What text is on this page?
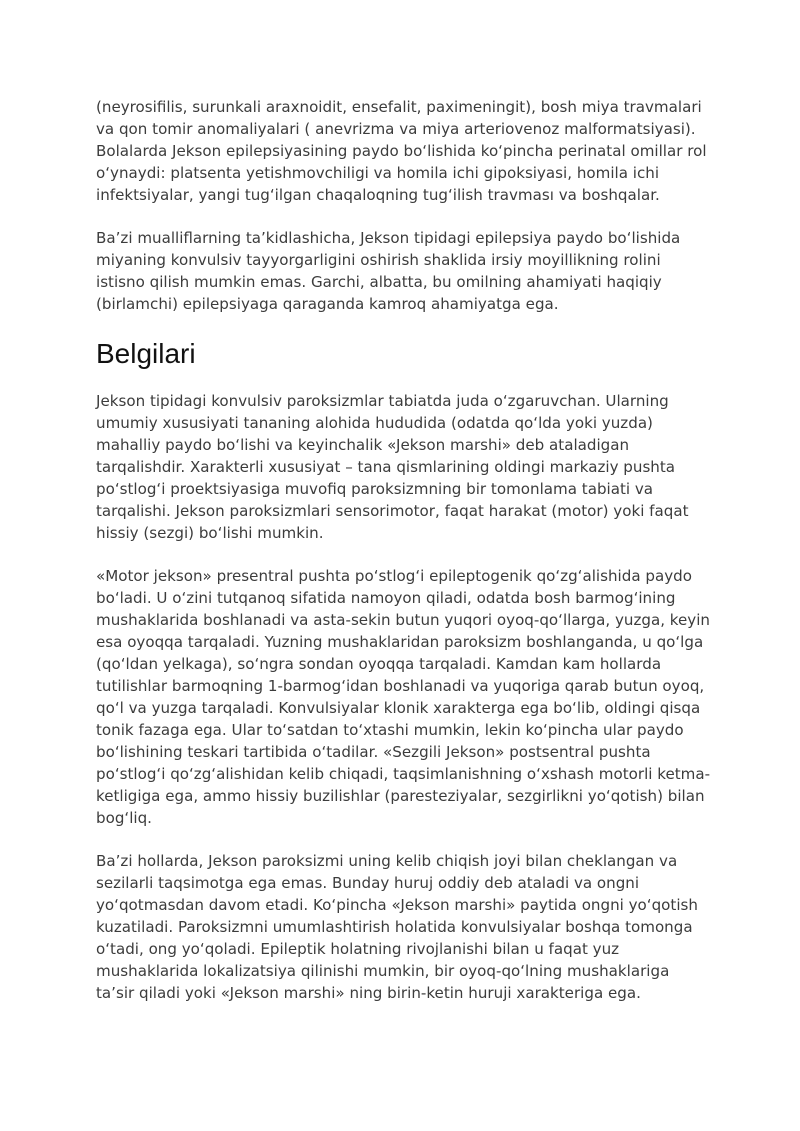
(neyrosifilis, surunkali araxnoidit, ensefalit, paximeningit), bosh miya travmalari va qon tomir anomaliyalari ( anevrizma va miya arteriovenoz malformatsiyasi). Bolalarda Jekson epilepsiyasining paydo bo‘lishida ko‘pincha perinatal omillar rol o‘ynaydi: platsenta yetishmovchiligi va homila ichi gipoksiyasi, homila ichi infektsiyalar, yangi tug‘ilgan chaqaloqning tug‘ilish travması va boshqalar.

Ba’zi mualliflarning ta’kidlashicha, Jekson tipidagi epilepsiya paydo bo‘lishida miyaning konvulsiv tayyorgarligini oshirish shaklida irsiy moyillikning rolini istisno qilish mumkin emas. Garchi, albatta, bu omilning ahamiyati haqiqiy (birlamchi) epilepsiyaga qaraganda kamroq ahamiyatga ega.

Belgilari

Jekson tipidagi konvulsiv paroksizmlar tabiatda juda o‘zgaruvchan. Ularning umumiy xususiyati tananing alohida hududida (odatda qo‘lda yoki yuzda) mahalliy paydo bo‘lishi va keyinchalik «Jekson marshi» deb ataladigan tarqalishdir. Xarakterli xususiyat – tana qismlarining oldingi markaziy pushta po‘stlog‘i proektsiyasiga muvofiq paroksizmning bir tomonlama tabiati va tarqalishi. Jekson paroksizmlari sensorimotor, faqat harakat (motor) yoki faqat hissiy (sezgi) bo‘lishi mumkin.

«Motor jekson» presentral pushta po‘stlog‘i epileptogenik qo‘zg‘alishida paydo bo‘ladi. U o‘zini tutqanoq sifatida namoyon qiladi, odatda bosh barmog‘ining mushaklarida boshlanadi va asta-sekin butun yuqori oyoq-qo‘llarga, yuzga, keyin esa oyoqqa tarqaladi. Yuzning mushaklaridan paroksizm boshlanganda, u qo‘lga (qo‘ldan yelkaga), so‘ngra sondan oyoqqa tarqaladi. Kamdan kam hollarda tutilishlar barmoqning 1-barmog‘idan boshlanadi va yuqoriga qarab butun oyoq, qo‘l va yuzga tarqaladi. Konvulsiyalar klonik xarakterga ega bo‘lib, oldingi qisqa tonik fazaga ega. Ular to‘satdan to‘xtashi mumkin, lekin ko‘pincha ular paydo bo‘lishining teskari tartibida o‘tadilar. «Sezgili Jekson» postsentral pushta po‘stlog‘i qo‘zg‘alishidan kelib chiqadi, taqsimlanishning o‘xshash motorli ketma-ketligiga ega, ammo hissiy buzilishlar (paresteziyalar, sezgirlikni yo‘qotish) bilan bog‘liq.

Ba’zi hollarda, Jekson paroksizmi uning kelib chiqish joyi bilan cheklangan va sezilarli taqsimotga ega emas. Bunday huruj oddiy deb ataladi va ongni yo‘qotmasdan davom etadi. Ko‘pincha «Jekson marshi» paytida ongni yo‘qotish kuzatiladi. Paroksizmni umumlashtirish holatida konvulsiyalar boshqa tomonga o‘tadi, ong yo‘qoladi. Epileptik holatning rivojlanishi bilan u faqat yuz mushaklarida lokalizatsiya qilinishi mumkin, bir oyoq-qo‘lning mushaklariga ta’sir qiladi yoki «Jekson marshi» ning birin-ketin huruji xarakteriga ega.
